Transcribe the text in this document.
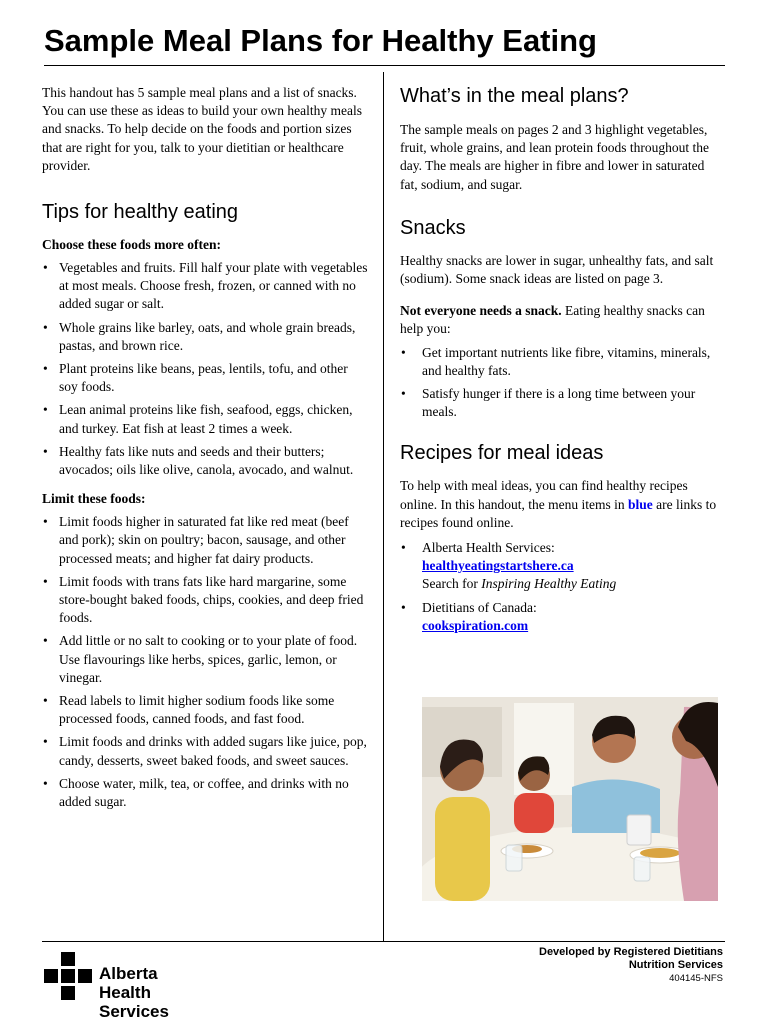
Sample Meal Plans for Healthy Eating

This handout has 5 sample meal plans and a list of snacks. You can use these as ideas to build your own healthy meals and snacks. To help decide on the foods and portion sizes that are right for you, talk to your dietitian or healthcare provider.

Tips for healthy eating
Choose these foods more often:
• Vegetables and fruits. Fill half your plate with vegetables at most meals. Choose fresh, frozen, or canned with no added sugar or salt.
• Whole grains like barley, oats, and whole grain breads, pastas, and brown rice.
• Plant proteins like beans, peas, lentils, tofu, and other soy foods.
• Lean animal proteins like fish, seafood, eggs, chicken, and turkey. Eat fish at least 2 times a week.
• Healthy fats like nuts and seeds and their butters; avocados; oils like olive, canola, avocado, and walnut.
Limit these foods:
• Limit foods higher in saturated fat like red meat (beef and pork); skin on poultry; bacon, sausage, and other processed meats; and higher fat dairy products.
• Limit foods with trans fats like hard margarine, some store-bought baked foods, chips, cookies, and deep fried foods.
• Add little or no salt to cooking or to your plate of food. Use flavourings like herbs, spices, garlic, lemon, or vinegar.
• Read labels to limit higher sodium foods like some processed foods, canned foods, and fast food.
• Limit foods and drinks with added sugars like juice, pop, candy, desserts, sweet baked foods, and sweet sauces.
• Choose water, milk, tea, or coffee, and drinks with no added sugar.
What’s in the meal plans?

The sample meals on pages 2 and 3 highlight vegetables, fruit, whole grains, and lean protein foods throughout the day. The meals are higher in fibre and lower in saturated fat, sodium, and sugar.

Snacks

Healthy snacks are lower in sugar, unhealthy fats, and salt (sodium). Some snack ideas are listed on page 3.

Not everyone needs a snack. Eating healthy snacks can help you:

• Get important nutrients like fibre, vitamins, minerals, and healthy fats.
• Satisfy hunger if there is a long time between your meals.
Recipes for meal ideas

To help with meal ideas, you can find healthy recipes online. In this handout, the menu items in blue are links to recipes found online.

• Alberta Health Services:
healthyeatingstartshere.ca
Search for Inspiring Healthy Eating
• Dietitians of Canada:
cookspiration.com
Developed by Registered Dietitians
Nutrition Services
404145-NFS
Alberta Health
Services
